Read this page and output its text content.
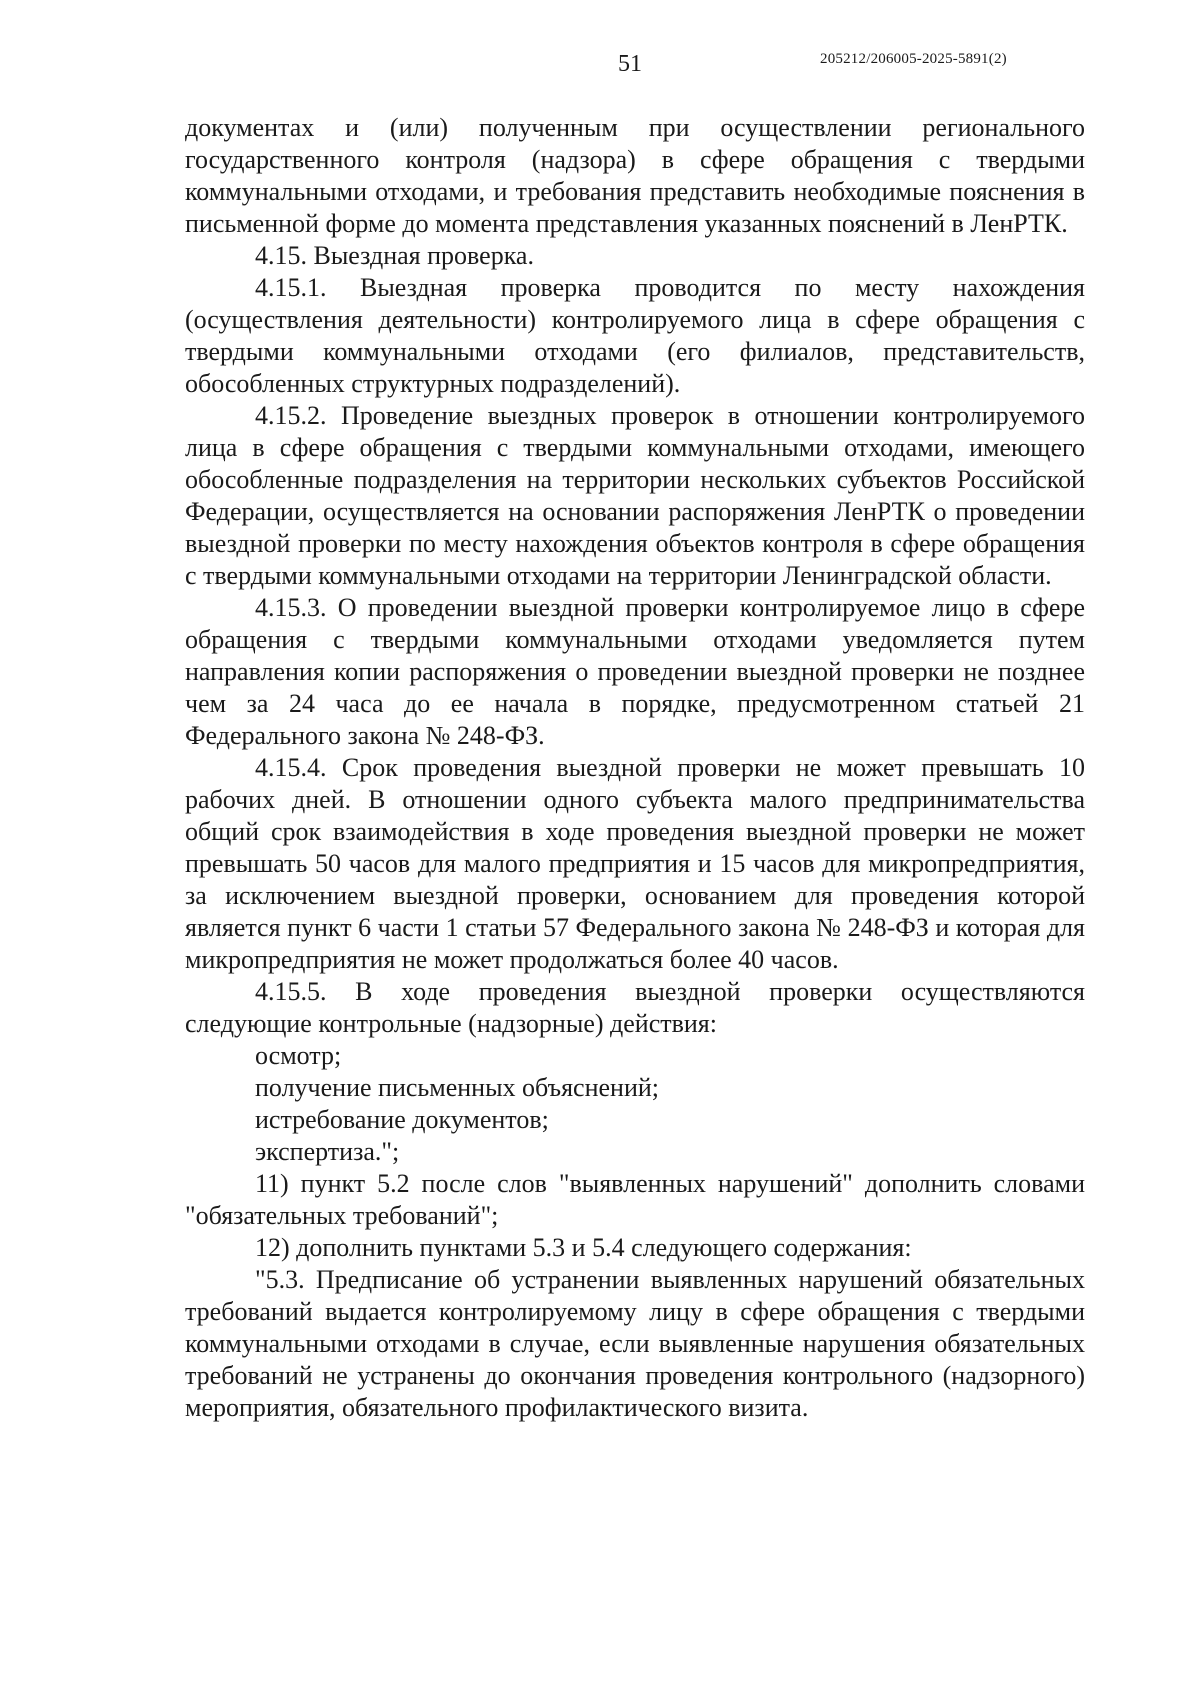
51	205212/206005-2025-5891(2)

документах и (или) полученным при осуществлении регионального государственного контроля (надзора) в сфере обращения с твердыми коммунальными отходами, и требования представить необходимые пояснения в письменной форме до момента представления указанных пояснений в ЛенРТК.

4.15. Выездная проверка.

4.15.1. Выездная проверка проводится по месту нахождения (осуществления деятельности) контролируемого лица в сфере обращения с твердыми коммунальными отходами (его филиалов, представительств, обособленных структурных подразделений).

4.15.2. Проведение выездных проверок в отношении контролируемого лица в сфере обращения с твердыми коммунальными отходами, имеющего обособленные подразделения на территории нескольких субъектов Российской Федерации, осуществляется на основании распоряжения ЛенРТК о проведении выездной проверки по месту нахождения объектов контроля в сфере обращения с твердыми коммунальными отходами на территории Ленинградской области.

4.15.3. О проведении выездной проверки контролируемое лицо в сфере обращения с твердыми коммунальными отходами уведомляется путем направления копии распоряжения о проведении выездной проверки не позднее чем за 24 часа до ее начала в порядке, предусмотренном статьей 21 Федерального закона № 248-ФЗ.

4.15.4. Срок проведения выездной проверки не может превышать 10 рабочих дней. В отношении одного субъекта малого предпринимательства общий срок взаимодействия в ходе проведения выездной проверки не может превышать 50 часов для малого предприятия и 15 часов для микропредприятия, за исключением выездной проверки, основанием для проведения которой является пункт 6 части 1 статьи 57 Федерального закона № 248-ФЗ и которая для микропредприятия не может продолжаться более 40 часов.

4.15.5. В ходе проведения выездной проверки осуществляются следующие контрольные (надзорные) действия:

осмотр;

получение письменных объяснений;

истребование документов;

экспертиза.";

11) пункт 5.2 после слов "выявленных нарушений" дополнить словами "обязательных требований";

12) дополнить пунктами 5.3 и 5.4 следующего содержания:

"5.3. Предписание об устранении выявленных нарушений обязательных требований выдается контролируемому лицу в сфере обращения с твердыми коммунальными отходами в случае, если выявленные нарушения обязательных требований не устранены до окончания проведения контрольного (надзорного) мероприятия, обязательного профилактического визита.
